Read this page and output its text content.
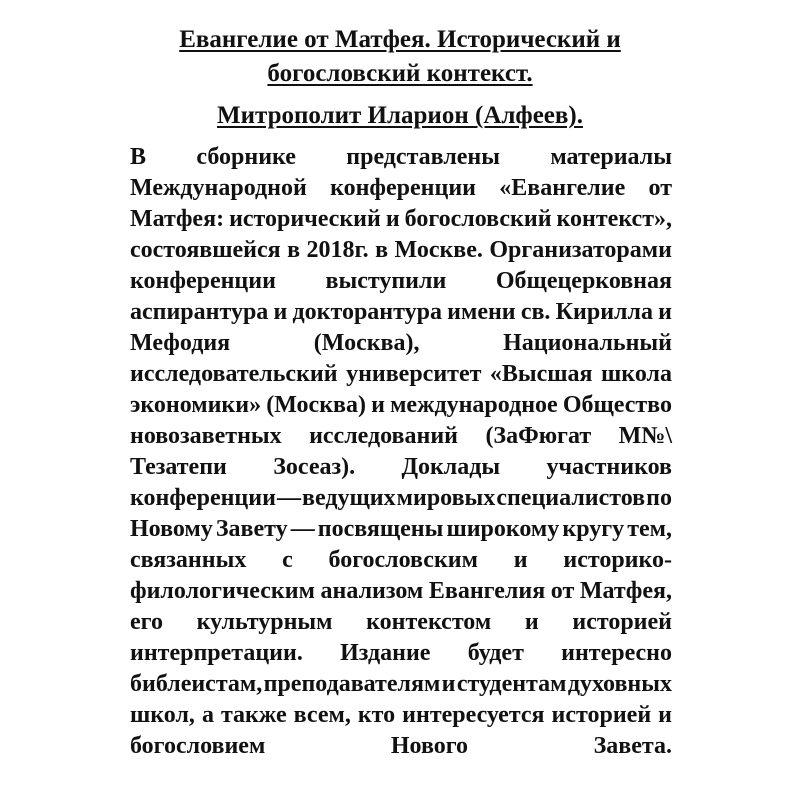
Евангелие от Матфея. Исторический и
богословский контекст.
Митрополит Иларион (Алфеев).
В сборнике представлены материалы
Международной конференции «Евангелие от
Матфея: исторический и богословский контекст»,
состоявшейся в 2018г. в Москве. Организаторами
конференции выступили Общецерковная
аспирантура и докторантура имени св. Кирилла и
Мефодия	(Москва),	Национальный
исследовательский университет «Высшая школа
экономики» (Москва) и международное Общество
новозаветных исследований (ЗаФюгат М№\
Тезатепи Зосеаз). Доклады участников
конференции — ведущих мировых специалистов по
Новому Завету — посвящены широкому кругу тем,
связанных с богословским и историко-
филологическим анализом Евангелия от Матфея,
его культурным контекстом и историей
интерпретации. Издание будет интересно
библеистам, преподавателям и студентам духовных
школ, а также всем, кто интересуется историей и
богословием Нового Завета.
